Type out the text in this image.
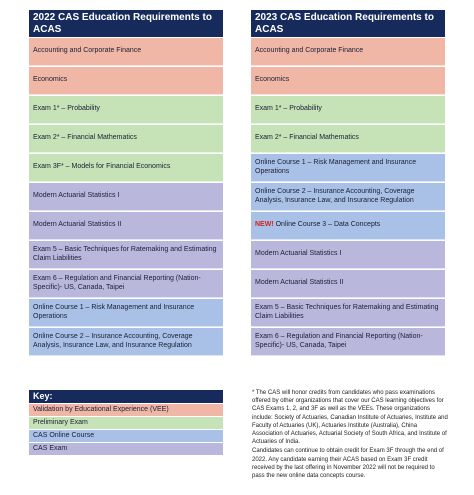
2022 CAS Education Requirements to ACAS
Accounting and Corporate Finance
Economics
Exam 1* – Probability
Exam 2* – Financial Mathematics
Exam 3F* – Models for Financial Economics
Modern Actuarial Statistics I
Modern Actuarial Statistics II
Exam 5 – Basic Techniques for Ratemaking and Estimating Claim Liabilities
Exam 6 – Regulation and Financial Reporting (Nation-Specific)- US, Canada, Taipei
Online Course 1 – Risk Management and Insurance Operations
Online Course 2 – Insurance Accounting, Coverage Analysis, Insurance Law, and Insurance Regulation
2023 CAS Education Requirements to ACAS
Accounting and Corporate Finance
Economics
Exam 1* – Probability
Exam 2* – Financial Mathematics
Online Course 1 – Risk Management and Insurance Operations
Online Course 2 – Insurance Accounting, Coverage Analysis, Insurance Law, and Insurance Regulation
NEW! Online Course 3 – Data Concepts
Modern Actuarial Statistics I
Modern Actuarial Statistics II
Exam 5 – Basic Techniques for Ratemaking and Estimating Claim Liabilities
Exam 6 – Regulation and Financial Reporting (Nation-Specific)- US, Canada, Taipei
Key:
Validation by Educational Experience (VEE)
Preliminary Exam
CAS Online Course
CAS Exam

* The CAS will honor credits from candidates who pass examinations offered by other organizations that cover our CAS learning objectives for CAS Exams 1, 2, and 3F as well as the VEEs. These organizations include: Society of Actuaries, Canadian Institute of Actuaries, Institute and Faculty of Actuaries (UK), Actuaries Institute (Australia), China Association of Actuaries, Actuarial Society of South Africa, and Institute of Actuaries of India.

Candidates can continue to obtain credit for Exam 3F through the end of 2022. Any candidate earning their ACAS based on Exam 3F credit received by the last offering in November 2022 will not be required to pass the new online data concepts course.
